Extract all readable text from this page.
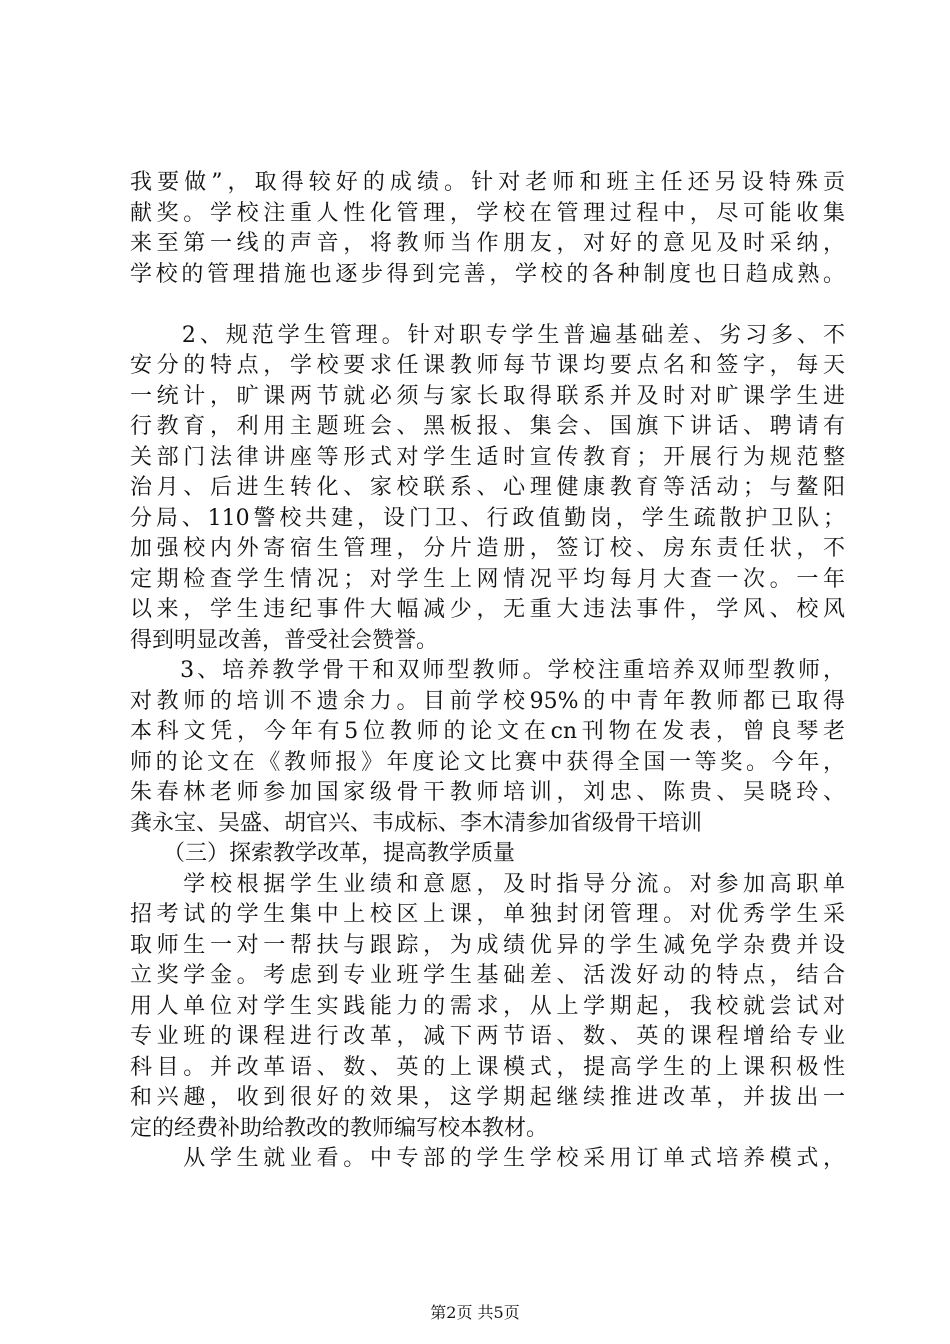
我要做”，取得较好的成绩。针对老师和班主任还另设特殊贡
献奖。学校注重人性化管理，学校在管理过程中，尽可能收集
来至第一线的声音，将教师当作朋友，对好的意见及时采纳，
学校的管理措施也逐步得到完善，学校的各种制度也日趋成熟。
　　2、规范学生管理。针对职专学生普遍基础差、劣习多、不
安分的特点，学校要求任课教师每节课均要点名和签字，每天
一统计，旷课两节就必须与家长取得联系并及时对旷课学生进
行教育，利用主题班会、黑板报、集会、国旗下讲话、聘请有
关部门法律讲座等形式对学生适时宣传教育；开展行为规范整
治月、后进生转化、家校联系、心理健康教育等活动；与鳌阳
分局、110警校共建，设门卫、行政值勤岗，学生疏散护卫队；
加强校内外寄宿生管理，分片造册，签订校、房东责任状，不
定期检查学生情况；对学生上网情况平均每月大查一次。一年
以来，学生违纪事件大幅减少，无重大违法事件，学风、校风
得到明显改善，普受社会赞誉。
　　3、培养教学骨干和双师型教师。学校注重培养双师型教师，
对教师的培训不遗余力。目前学校95%的中青年教师都已取得
本科文凭，今年有5位教师的论文在cn刊物在发表，曾良琴老
师的论文在《教师报》年度论文比赛中获得全国一等奖。今年，
朱春林老师参加国家级骨干教师培训，刘忠、陈贵、吴晓玲、
龚永宝、吴盛、胡官兴、韦成标、李木清参加省级骨干培训
　　（三）探索教学改革，提高教学质量
　　学校根据学生业绩和意愿，及时指导分流。对参加高职单
招考试的学生集中上校区上课，单独封闭管理。对优秀学生采
取师生一对一帮扶与跟踪，为成绩优异的学生减免学杂费并设
立奖学金。考虑到专业班学生基础差、活泼好动的特点，结合
用人单位对学生实践能力的需求，从上学期起，我校就尝试对
专业班的课程进行改革，减下两节语、数、英的课程增给专业
科目。并改革语、数、英的上课模式，提高学生的上课积极性
和兴趣，收到很好的效果，这学期起继续推进改革，并拔出一
定的经费补助给教改的教师编写校本教材。
　　从学生就业看。中专部的学生学校采用订单式培养模式，
第2页 共5页
